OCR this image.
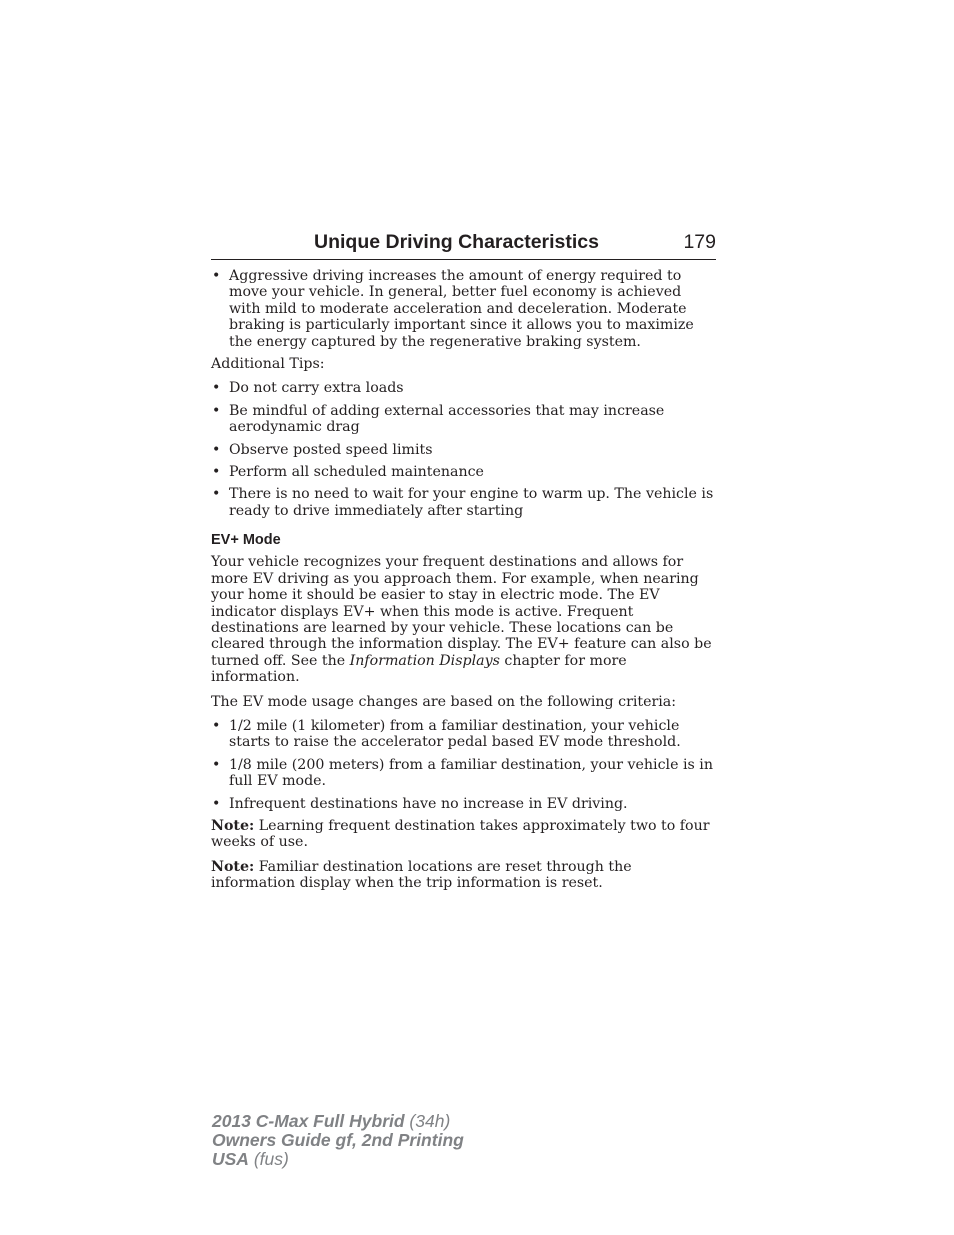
Unique Driving Characteristics	179
• Aggressive driving increases the amount of energy required to move your vehicle. In general, better fuel economy is achieved with mild to moderate acceleration and deceleration. Moderate braking is particularly important since it allows you to maximize the energy captured by the regenerative braking system.

Additional Tips:

• Do not carry extra loads
• Be mindful of adding external accessories that may increase aerodynamic drag
• Observe posted speed limits
• Perform all scheduled maintenance
• There is no need to wait for your engine to warm up. The vehicle is ready to drive immediately after starting
EV+ Mode

Your vehicle recognizes your frequent destinations and allows for more EV driving as you approach them. For example, when nearing your home it should be easier to stay in electric mode. The EV indicator displays EV+ when this mode is active. Frequent destinations are learned by your vehicle. These locations can be cleared through the information display. The EV+ feature can also be turned off. See the Information Displays chapter for more information.

The EV mode usage changes are based on the following criteria:

• 1/2 mile (1 kilometer) from a familiar destination, your vehicle starts to raise the accelerator pedal based EV mode threshold.
• 1/8 mile (200 meters) from a familiar destination, your vehicle is in full EV mode.
• Infrequent destinations have no increase in EV driving.

Note: Learning frequent destination takes approximately two to four weeks of use.

Note: Familiar destination locations are reset through the information display when the trip information is reset.

2013 C-Max Full Hybrid (34h)
Owners Guide gf, 2nd Printing
USA (fus)
